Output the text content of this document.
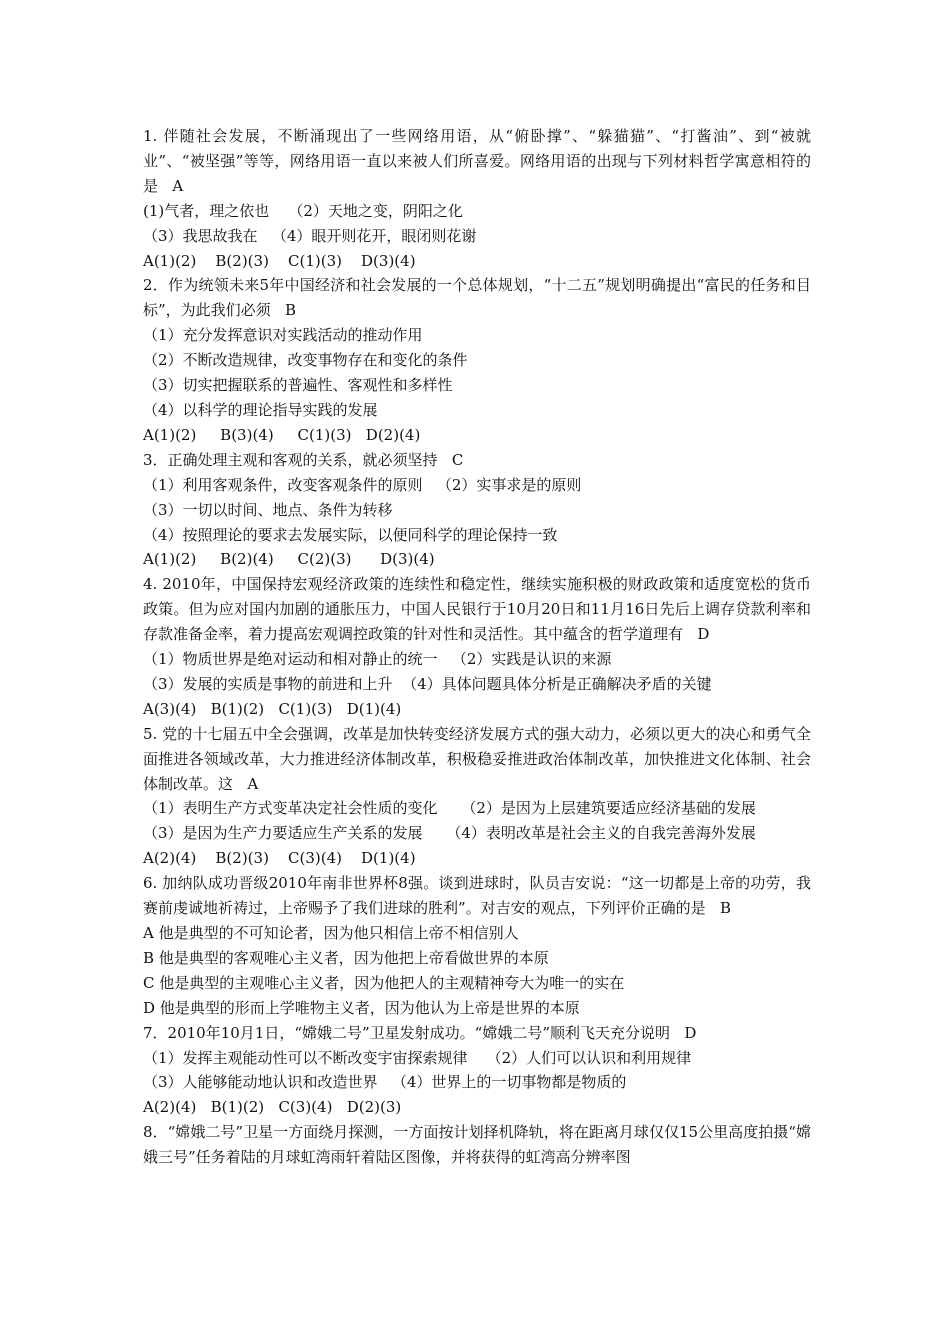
1. 伴随社会发展，不断涌现出了一些网络用语，从“俯卧撑”、“躲猫猫”、“打酱油”、到“被就业”、“被坚强”等等，网络用语一直以来被人们所喜爱。网络用语的出现与下列材料哲学寓意相符的是 A
(1)气者，理之依也    （2）天地之变，阴阳之化
（3）我思故我在   （4）眼开则花开，眼闭则花谢
A(1)(2)    B(2)(3)    C(1)(3)    D(3)(4)
2．作为统领未来5年中国经济和社会发展的一个总体规划，“十二五”规划明确提出“富民的任务和目标”，为此我们必须 B
（1）充分发挥意识对实践活动的推动作用
（2）不断改造规律，改变事物存在和变化的条件
（3）切实把握联系的普遍性、客观性和多样性
（4）以科学的理论指导实践的发展
A(1)(2)     B(3)(4)     C(1)(3)   D(2)(4)
3．正确处理主观和客观的关系，就必须坚持 C
（1）利用客观条件，改变客观条件的原则   （2）实事求是的原则
（3）一切以时间、地点、条件为转移
（4）按照理论的要求去发展实际，以便同科学的理论保持一致
A(1)(2)     B(2)(4)     C(2)(3)      D(3)(4)
4. 2010年，中国保持宏观经济政策的连续性和稳定性，继续实施积极的财政政策和适度宽松的货币政策。但为应对国内加剧的通胀压力，中国人民银行于10月20日和11月16日先后上调存贷款利率和存款准备金率，着力提高宏观调控政策的针对性和灵活性。其中蕴含的哲学道理有 D
（1）物质世界是绝对运动和相对静止的统一   （2）实践是认识的来源
（3）发展的实质是事物的前进和上升  （4）具体问题具体分析是正确解决矛盾的关键
A(3)(4)   B(1)(2)   C(1)(3)   D(1)(4)
5. 党的十七届五中全会强调，改革是加快转变经济发展方式的强大动力，必须以更大的决心和勇气全面推进各领域改革，大力推进经济体制改革，积极稳妥推进政治体制改革，加快推进文化体制、社会体制改革。这 A
（1）表明生产方式变革决定社会性质的变化     （2）是因为上层建筑要适应经济基础的发展
（3）是因为生产力要适应生产关系的发展     （4）表明改革是社会主义的自我完善海外发展
A(2)(4)    B(2)(3)    C(3)(4)    D(1)(4)
6. 加纳队成功晋级2010年南非世界杯8强。谈到进球时，队员吉安说：“这一切都是上帝的功劳，我赛前虔诚地祈祷过，上帝赐予了我们进球的胜利”。对吉安的观点，下列评价正确的是 B
A 他是典型的不可知论者，因为他只相信上帝不相信别人
B 他是典型的客观唯心主义者，因为他把上帝看做世界的本原
C 他是典型的主观唯心主义者，因为他把人的主观精神夸大为唯一的实在
D 他是典型的形而上学唯物主义者，因为他认为上帝是世界的本原
7．2010年10月1日，“嫦娥二号”卫星发射成功。“嫦娥二号”顺利飞天充分说明 D
（1）发挥主观能动性可以不断改变宇宙探索规律    （2）人们可以认识和利用规律
（3）人能够能动地认识和改造世界   （4）世界上的一切事物都是物质的
A(2)(4)   B(1)(2)   C(3)(4)   D(2)(3)
8．“嫦娥二号”卫星一方面绕月探测，一方面按计划择机降轨，将在距离月球仅仅15公里高度拍摄“嫦娥三号”任务着陆的月球虹湾雨轩着陆区图像，并将获得的虹湾高分辨率图
